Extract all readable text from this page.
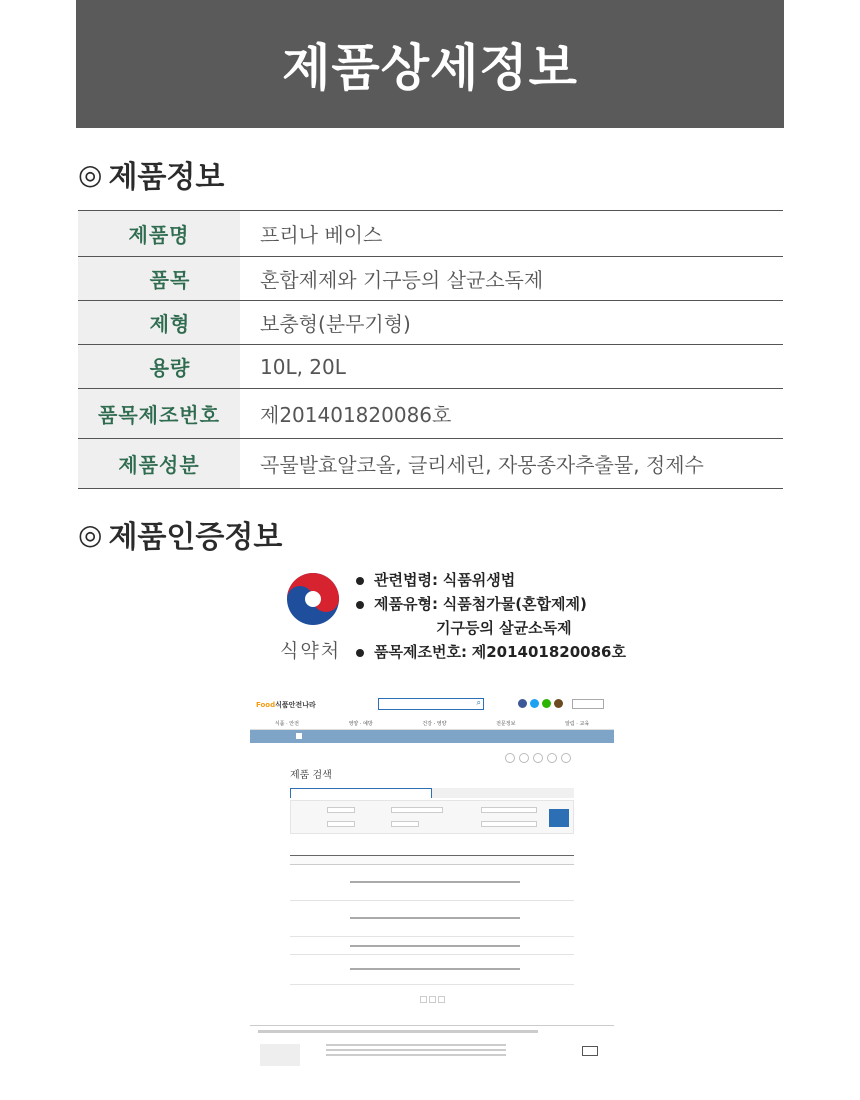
제품상세정보
◎ 제품정보
제품명	프리나 베이스
품목	혼합제제와 기구등의 살균소독제
제형	보충형(분무기형)
용량	10L, 20L
품목제조번호	제201401820086호
제품성분	곡물발효알코올, 글리세린, 자몽종자추출물, 정제수
◎ 제품인증정보
식약처
관련법령: 식품위생법
제품유형: 식품첨가물(혼합제제)
기구등의 살균소독제
품목제조번호: 제201401820086호
Food식품안전나라	⌕
식품 · 안전	영양 · 예방	건강 · 영양	전문정보	알림 · 교육
제품 검색
